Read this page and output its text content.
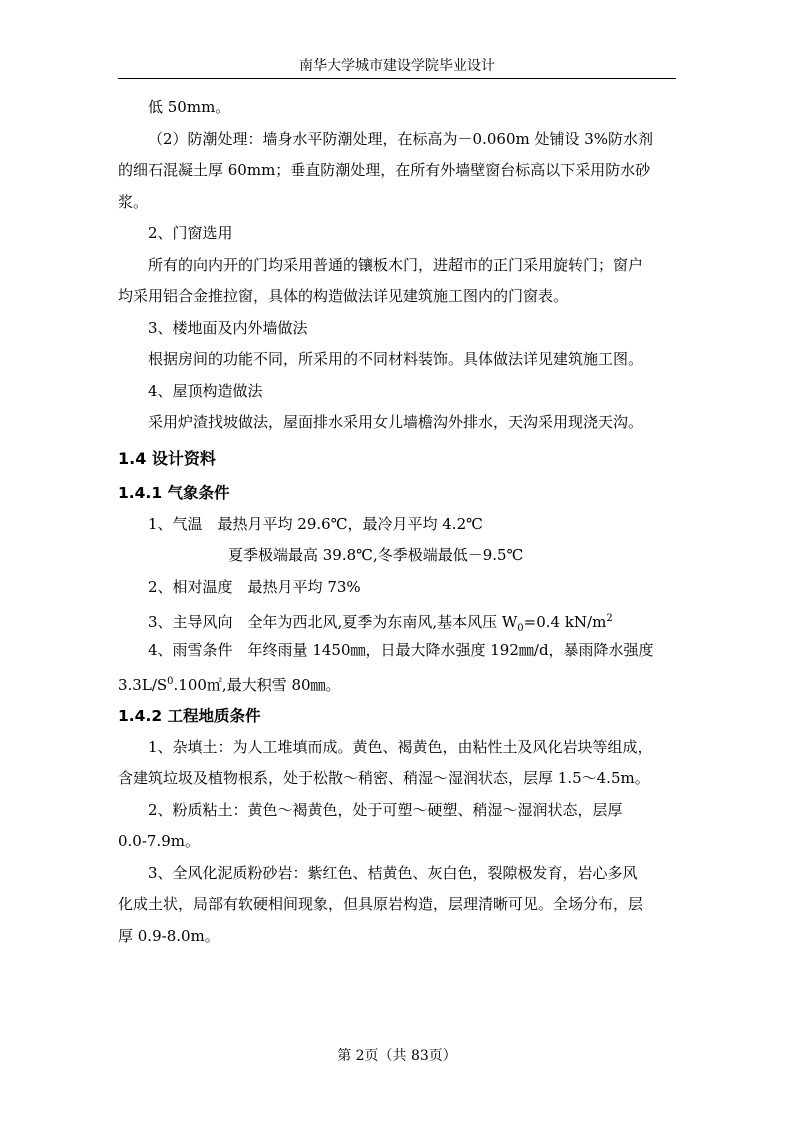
南华大学城市建设学院毕业设计
低 50mm。
（2）防潮处理：墙身水平防潮处理，在标高为－0.060m 处铺设 3%防水剂
的细石混凝土厚 60mm；垂直防潮处理，在所有外墙壁窗台标高以下采用防水砂
浆。
2、门窗选用
所有的向内开的门均采用普通的镶板木门，进超市的正门采用旋转门；窗户
均采用铝合金推拉窗，具体的构造做法详见建筑施工图内的门窗表。
3、楼地面及内外墙做法
根据房间的功能不同，所采用的不同材料装饰。具体做法详见建筑施工图。
4、屋顶构造做法
采用炉渣找坡做法，屋面排水采用女儿墙檐沟外排水，天沟采用现浇天沟。
1.4 设计资料
1.4.1 气象条件
1、气温　最热月平均 29.6℃，最冷月平均 4.2℃
夏季极端最高 39.8℃,冬季极端最低－9.5℃
2、相对温度　最热月平均 73%
3、主导风向　全年为西北风,夏季为东南风,基本风压 $W_0=0.4$ $kN/m^2$
4、雨雪条件　年终雨量 1450㎜，日最大降水强度 192㎜/d，暴雨降水强度
$3.3L/S^0.100㎡$,最大积雪 80㎜。
1.4.2 工程地质条件
1、杂填土：为人工堆填而成。黄色、褐黄色，由粘性土及风化岩块等组成，
含建筑垃圾及植物根系，处于松散～稍密、稍湿～湿润状态，层厚 1.5～4.5m。
2、粉质粘土：黄色～褐黄色，处于可塑～硬塑、稍湿～湿润状态，层厚
0.0-7.9m。
3、全风化泥质粉砂岩：紫红色、桔黄色、灰白色，裂隙极发育，岩心多风
化成土状，局部有软硬相间现象，但具原岩构造，层理清晰可见。全场分布，层
厚 0.9-8.0m。
第 2页（共 83页）
